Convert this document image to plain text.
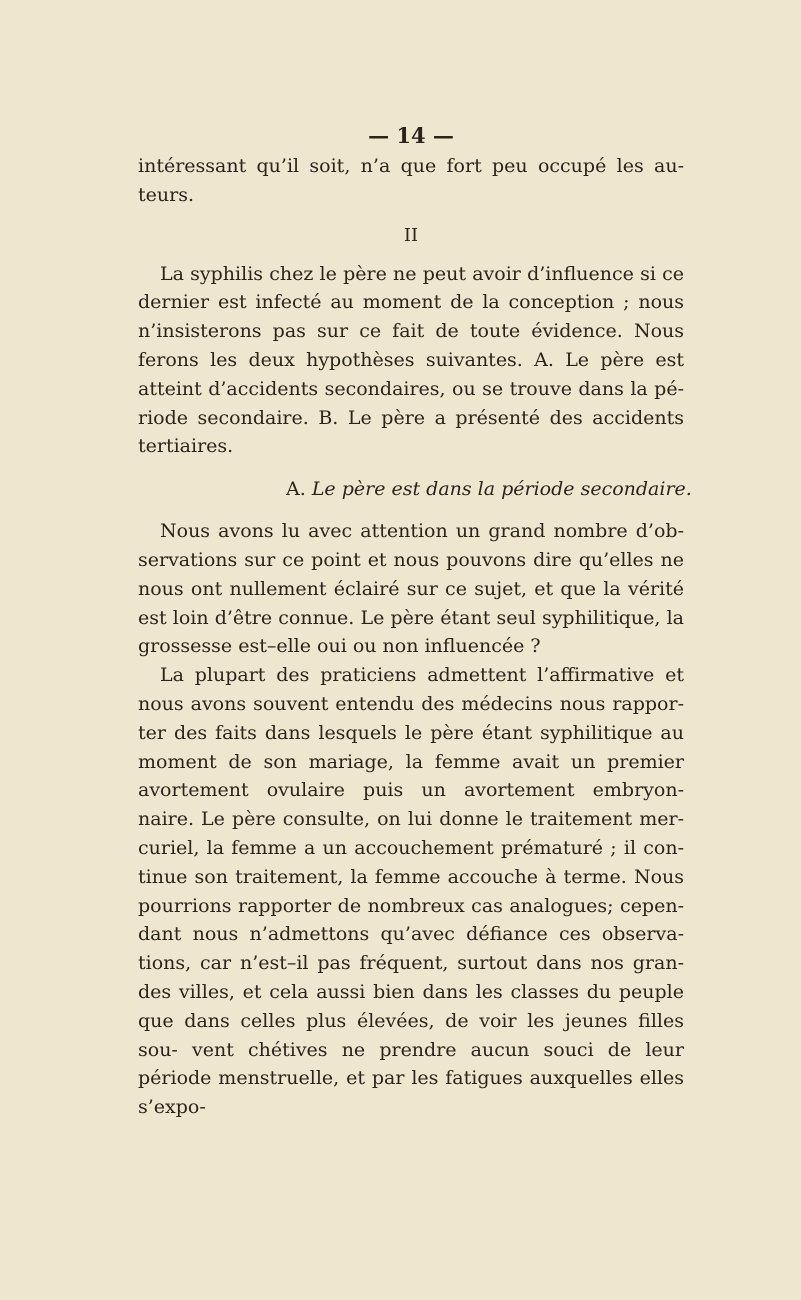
— 14 —

intéressant qu’il soit, n’a que fort peu occupé les au- teurs.

II

La syphilis chez le père ne peut avoir d’influence si ce dernier est infecté au moment de la conception ; nous n’insisterons pas sur ce fait de toute évidence. Nous ferons les deux hypothèses suivantes. A. Le père est atteint d’accidents secondaires, ou se trouve dans la pé- riode secondaire. B. Le père a présenté des accidents tertiaires.

A. Le père est dans la période secondaire.

Nous avons lu avec attention un grand nombre d’ob- servations sur ce point et nous pouvons dire qu’elles ne nous ont nullement éclairé sur ce sujet, et que la vérité est loin d’être connue. Le père étant seul syphilitique, la grossesse est–elle oui ou non influencée ?

La plupart des praticiens admettent l’affirmative et nous avons souvent entendu des médecins nous rappor- ter des faits dans lesquels le père étant syphilitique au moment de son mariage, la femme avait un premier avortement ovulaire puis un avortement embryon- naire. Le père consulte, on lui donne le traitement mer- curiel, la femme a un accouchement prématuré ; il con- tinue son traitement, la femme accouche à terme. Nous pourrions rapporter de nombreux cas analogues; cepen- dant nous n’admettons qu’avec défiance ces observa- tions, car n’est–il pas fréquent, surtout dans nos gran- des villes, et cela aussi bien dans les classes du peuple que dans celles plus élevées, de voir les jeunes filles sou- vent chétives ne prendre aucun souci de leur période menstruelle, et par les fatigues auxquelles elles s’expo-
